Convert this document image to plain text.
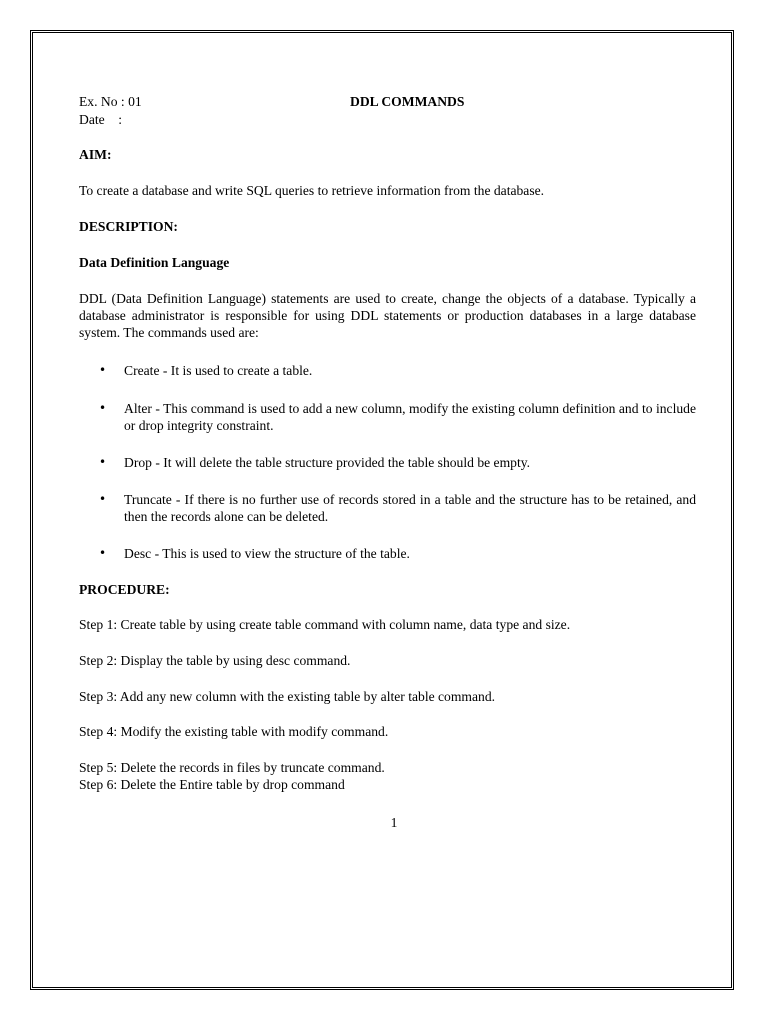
Ex. No : 01

Date    :

DDL COMMANDS

AIM:

To create a database and write SQL queries to retrieve information from the database.

DESCRIPTION:

Data Definition Language

DDL (Data Definition Language) statements are used to create, change the objects of a database. Typically a database administrator is responsible for using DDL statements or production databases in a large database system. The commands used are:

•	Create - It is used to create a table.
•	Alter - This command is used to add a new column, modify the existing column definition and to include or drop integrity constraint.
•	Drop - It will delete the table structure provided the table should be empty.
•	Truncate - If there is no further use of records stored in a table and the structure has to be retained, and then the records alone can be deleted.
•	Desc - This is used to view the structure of the table.

PROCEDURE:

Step 1: Create table by using create table command with column name, data type and size.

Step 2: Display the table by using desc command.

Step 3: Add any new column with the existing table by alter table command.

Step 4: Modify the existing table with modify command.

Step 5: Delete the records in files by truncate command.

Step 6: Delete the Entire table by drop command

1
